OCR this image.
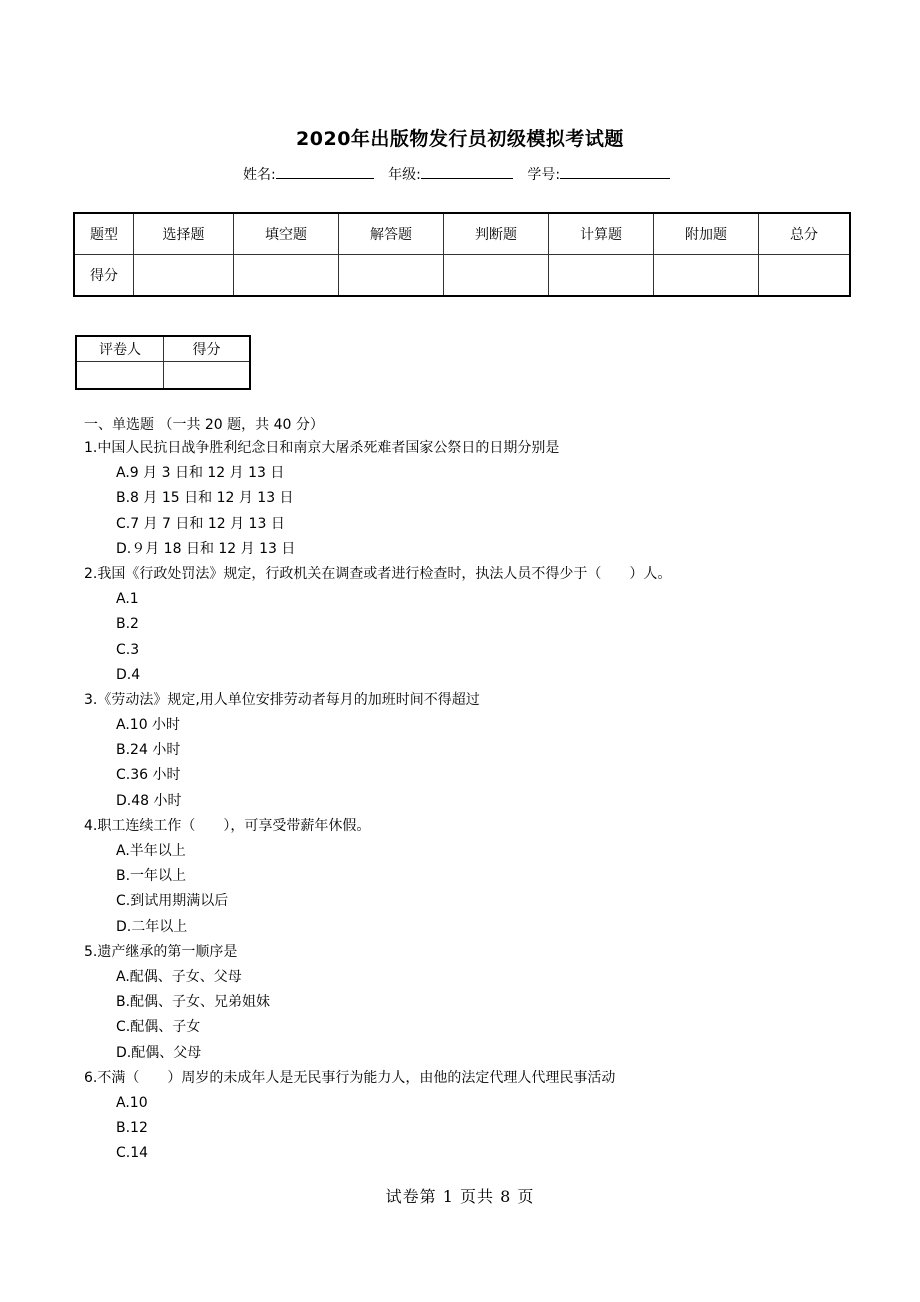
2020年出版物发行员初级模拟考试题
姓名:	年级:	学号:
题型	选择题	填空题	解答题	判断题	计算题	附加题	总分
得分							
评卷人	得分

一、单选题 （一共 20 题，共 40 分）
1.中国人民抗日战争胜利纪念日和南京大屠杀死难者国家公祭日的日期分别是
A.9 月 3 日和 12 月 13 日
B.8 月 15 日和 12 月 13 日
C.7 月 7 日和 12 月 13 日
D.９月 18 日和 12 月 13 日
2.我国《行政处罚法》规定，行政机关在调查或者进行检查时，执法人员不得少于（　　）人。
A.1
B.2
C.3
D.4
3.《劳动法》规定,用人单位安排劳动者每月的加班时间不得超过
A.10 小时
B.24 小时
C.36 小时
D.48 小时
4.职工连续工作（　　），可享受带薪年休假。
A.半年以上
B.一年以上
C.到试用期满以后
D.二年以上
5.遗产继承的第一顺序是
A.配偶、子女、父母
B.配偶、子女、兄弟姐妹
C.配偶、子女
D.配偶、父母
6.不满（　　）周岁的未成年人是无民事行为能力人，由他的法定代理人代理民事活动
A.10
B.12
C.14
试卷第 1 页共 8 页
